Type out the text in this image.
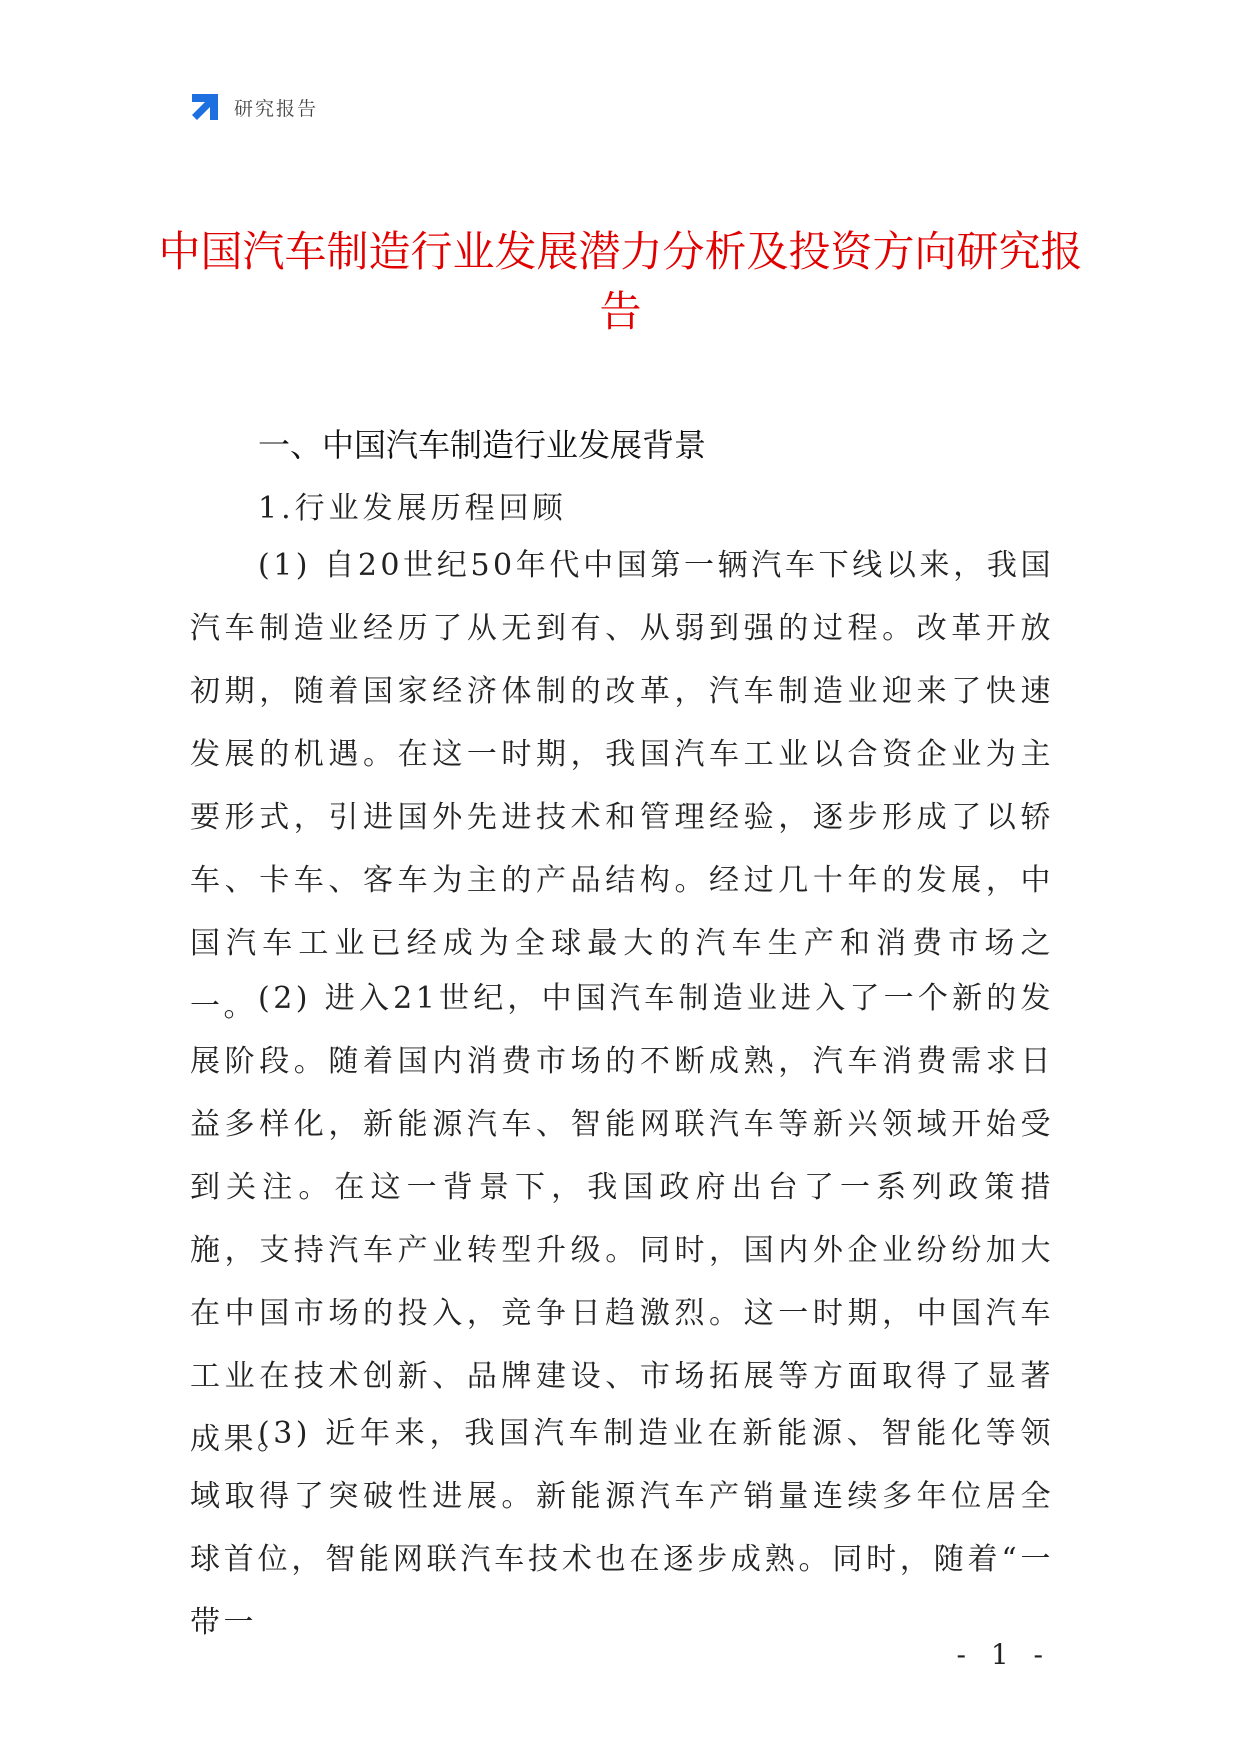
研究报告
中国汽车制造行业发展潜力分析及投资方向研究报告
一、中国汽车制造行业发展背景
1.行业发展历程回顾

(1) 自20世纪50年代中国第一辆汽车下线以来，我国汽车制造业经历了从无到有、从弱到强的过程。改革开放初期，随着国家经济体制的改革，汽车制造业迎来了快速发展的机遇。在这一时期，我国汽车工业以合资企业为主要形式，引进国外先进技术和管理经验，逐步形成了以轿车、卡车、客车为主的产品结构。经过几十年的发展，中国汽车工业已经成为全球最大的汽车生产和消费市场之一。 (2) 进入21世纪，中国汽车制造业进入了一个新的发展阶段。随着国内消费市场的不断成熟，汽车消费需求日益多样化，新能源汽车、智能网联汽车等新兴领域开始受到关注。在这一背景下，我国政府出台了一系列政策措施，支持汽车产业转型升级。同时，国内外企业纷纷加大在中国市场的投入，竞争日趋激烈。这一时期，中国汽车工业在技术创新、品牌建设、市场拓展等方面取得了显著成果。

(3) 近年来，我国汽车制造业在新能源、智能化等领域取得了突破性进展。新能源汽车产销量连续多年位居全球首位，智能网联汽车技术也在逐步成熟。同时，随着“一带一

- 1 -
